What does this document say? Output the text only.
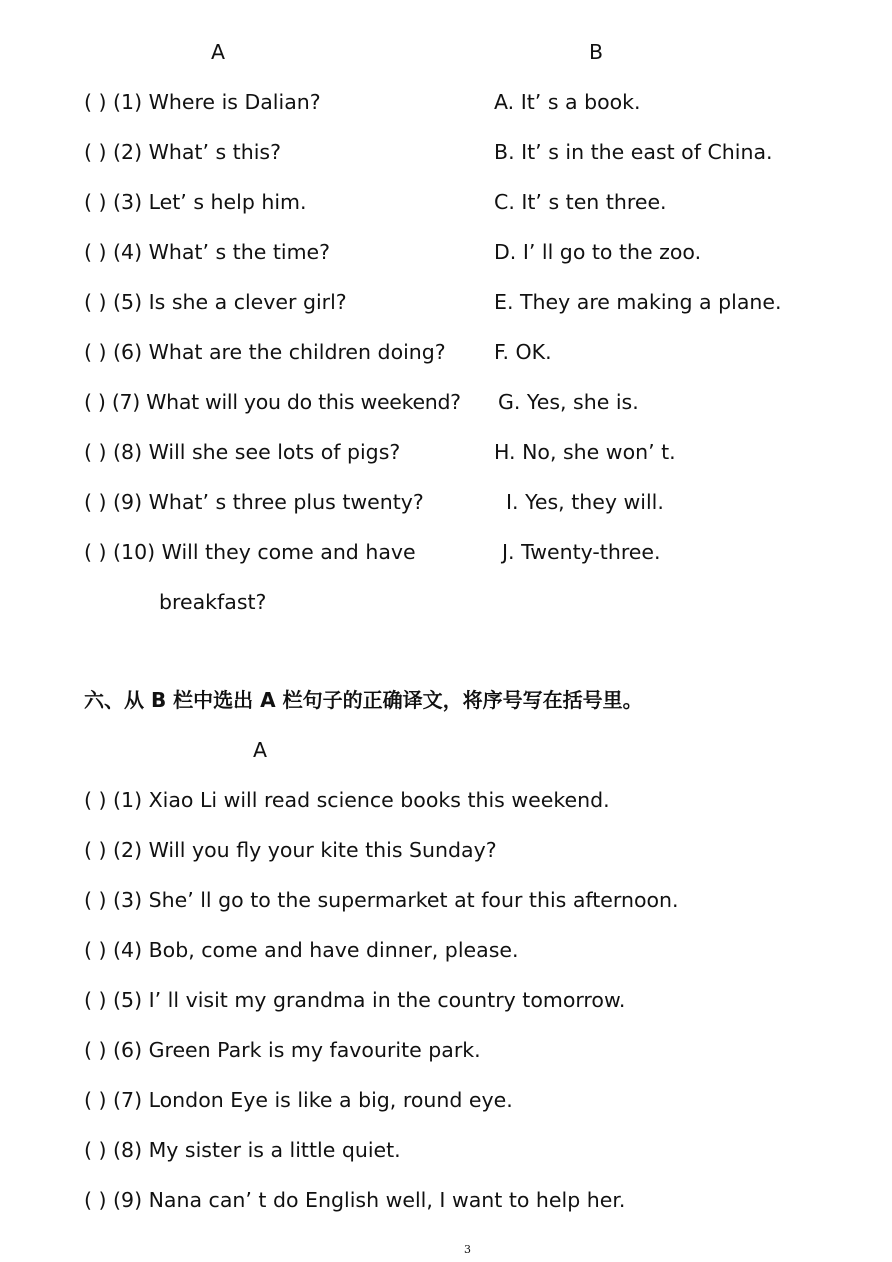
A	B
( ) (1) Where is Dalian?
( ) (2) What’ s this?
( ) (3) Let’ s help him.
( ) (4) What’ s the time?
( ) (5) Is she a clever girl?
( ) (6) What are the children doing?
( ) (7) What will you do this weekend?
( ) (8) Will she see lots of pigs?
( ) (9) What’ s three plus twenty?
( ) (10) Will they come and have
breakfast?
A. It’ s a book.
B. It’ s in the east of China.
C. It’ s ten three.
D. I’ ll go to the zoo.
E. They are making a plane.
F. OK.
G. Yes, she is.
H. No, she won’ t.
I. Yes, they will.
J. Twenty-three.
六、从 B 栏中选出 A 栏句子的正确译文，将序号写在括号里。
A
( ) (1) Xiao Li will read science books this weekend.
( ) (2) Will you fly your kite this Sunday?
( ) (3) She’ ll go to the supermarket at four this afternoon.
( ) (4) Bob, come and have dinner, please.
( ) (5) I’ ll visit my grandma in the country tomorrow.
( ) (6) Green Park is my favourite park.
( ) (7) London Eye is like a big, round eye.
( ) (8) My sister is a little quiet.
( ) (9) Nana can’ t do English well, I want to help her.
3
